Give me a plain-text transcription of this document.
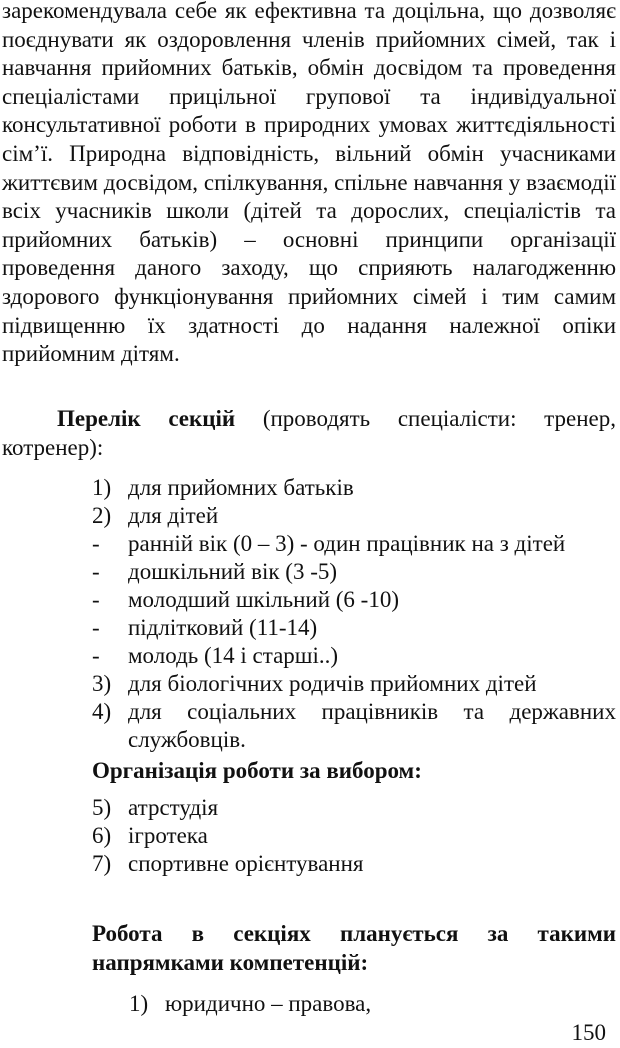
зарекомендувала себе як ефективна та доцільна, що дозволяє поєднувати як оздоровлення членів прийомних сімей, так і навчання прийомних батьків, обмін досвідом та проведення спеціалістами прицільної групової та індивідуальної консультативної роботи в природних умовах життєдіяльності сім’ї. Природна відповідність, вільний обмін учасниками життєвим досвідом, спілкування, спільне навчання у взаємодії всіх учасників школи (дітей та дорослих, спеціалістів та прийомних батьків) – основні принципи організації проведення даного заходу, що сприяють налагодженню здорового функціонування прийомних сімей і тим самим підвищенню їх здатності до надання належної опіки прийомним дітям.

Перелік секцій (проводять спеціалісти: тренер, котренер):

1) для прийомних батьків
2) для дітей
-	ранній вік (0 – 3) - один працівник на з дітей
-	дошкільний вік (3 -5)
-	молодший шкільний (6 -10)
-	підлітковий (11-14)
-	молодь (14 і старші..)
3) для біологічних родичів прийомних дітей
4) для соціальних працівників та державних службовців.

Організація роботи за вибором:

5) атрстудія
6) ігротека
7) спортивне орієнтування

Робота в секціях планується за такими напрямками компетенцій:

1) юридично – правова,
150
